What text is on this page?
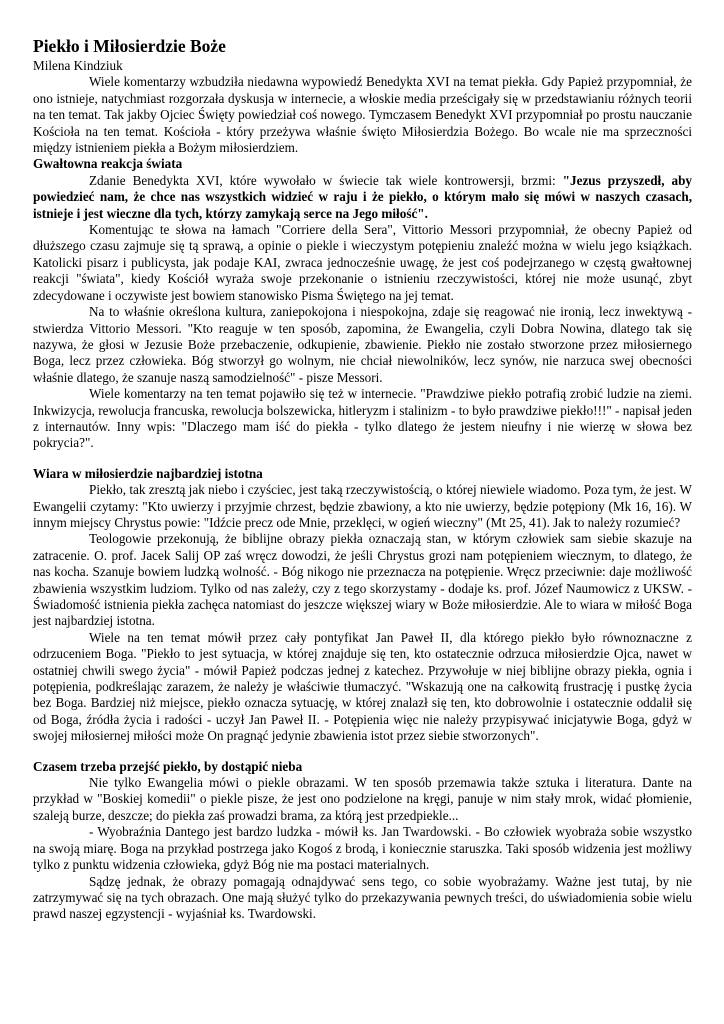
Piekło i Miłosierdzie Boże
Milena Kindziuk

Wiele komentarzy wzbudziła niedawna wypowiedź Benedykta XVI na temat piekła. Gdy Papież przypomniał, że ono istnieje, natychmiast rozgorzała dyskusja w internecie, a włoskie media prześcigały się w przedstawianiu różnych teorii na ten temat. Tak jakby Ojciec Święty powiedział coś nowego. Tymczasem Benedykt XVI przypomniał po prostu nauczanie Kościoła na ten temat. Kościoła - który przeżywa właśnie święto Miłosierdzia Bożego. Bo wcale nie ma sprzeczności między istnieniem piekła a Bożym miłosierdziem.

Gwałtowna reakcja świata

Zdanie Benedykta XVI, które wywołało w świecie tak wiele kontrowersji, brzmi: "Jezus przyszedł, aby powiedzieć nam, że chce nas wszystkich widzieć w raju i że piekło, o którym mało się mówi w naszych czasach, istnieje i jest wieczne dla tych, którzy zamykają serce na Jego miłość".

Komentując te słowa na łamach "Corriere della Sera", Vittorio Messori przypomniał, że obecny Papież od dłuższego czasu zajmuje się tą sprawą, a opinie o piekle i wieczystym potępieniu znaleźć można w wielu jego książkach. Katolicki pisarz i publicysta, jak podaje KAI, zwraca jednocześnie uwagę, że jest coś podejrzanego w częstą gwałtownej reakcji "świata", kiedy Kościół wyraża swoje przekonanie o istnieniu rzeczywistości, której nie może usunąć, zbyt zdecydowane i oczywiste jest bowiem stanowisko Pisma Świętego na jej temat.

Na to właśnie określona kultura, zaniepokojona i niespokojna, zdaje się reagować nie ironią, lecz inwektywą - stwierdza Vittorio Messori. "Kto reaguje w ten sposób, zapomina, że Ewangelia, czyli Dobra Nowina, dlatego tak się nazywa, że głosi w Jezusie Boże przebaczenie, odkupienie, zbawienie. Piekło nie zostało stworzone przez miłosiernego Boga, lecz przez człowieka. Bóg stworzył go wolnym, nie chciał niewolników, lecz synów, nie narzuca swej obecności właśnie dlatego, że szanuje naszą samodzielność" - pisze Messori.

Wiele komentarzy na ten temat pojawiło się też w internecie. "Prawdziwe piekło potrafią zrobić ludzie na ziemi. Inkwizycja, rewolucja francuska, rewolucja bolszewicka, hitleryzm i stalinizm - to było prawdziwe piekło!!!" - napisał jeden z internautów. Inny wpis: "Dlaczego mam iść do piekła - tylko dlatego że jestem nieufny i nie wierzę w słowa bez pokrycia?".

Wiara w miłosierdzie najbardziej istotna

Piekło, tak zresztą jak niebo i czyściec, jest taką rzeczywistością, o której niewiele wiadomo. Poza tym, że jest. W Ewangelii czytamy: "Kto uwierzy i przyjmie chrzest, będzie zbawiony, a kto nie uwierzy, będzie potępiony (Mk 16, 16). W innym miejscy Chrystus powie: "Idźcie precz ode Mnie, przeklęci, w ogień wieczny" (Mt 25, 41). Jak to należy rozumieć?

Teologowie przekonują, że biblijne obrazy piekła oznaczają stan, w którym człowiek sam siebie skazuje na zatracenie. O. prof. Jacek Salij OP zaś wręcz dowodzi, że jeśli Chrystus grozi nam potępieniem wiecznym, to dlatego, że nas kocha. Szanuje bowiem ludzką wolność. - Bóg nikogo nie przeznacza na potępienie. Wręcz przeciwnie: daje możliwość zbawienia wszystkim ludziom. Tylko od nas zależy, czy z tego skorzystamy - dodaje ks. prof. Józef Naumowicz z UKSW. - Świadomość istnienia piekła zachęca natomiast do jeszcze większej wiary w Boże miłosierdzie. Ale to wiara w miłość Boga jest najbardziej istotna.

Wiele na ten temat mówił przez cały pontyfikat Jan Paweł II, dla którego piekło było równoznaczne z odrzuceniem Boga. "Piekło to jest sytuacja, w której znajduje się ten, kto ostatecznie odrzuca miłosierdzie Ojca, nawet w ostatniej chwili swego życia" - mówił Papież podczas jednej z katechez. Przywołuje w niej biblijne obrazy piekła, ognia i potępienia, podkreślając zarazem, że należy je właściwie tłumaczyć. "Wskazują one na całkowitą frustrację i pustkę życia bez Boga. Bardziej niż miejsce, piekło oznacza sytuację, w której znalazł się ten, kto dobrowolnie i ostatecznie oddalił się od Boga, źródła życia i radości - uczył Jan Paweł II. - Potępienia więc nie należy przypisywać inicjatywie Boga, gdyż w swojej miłosiernej miłości może On pragnąć jedynie zbawienia istot przez siebie stworzonych".

Czasem trzeba przejść piekło, by dostąpić nieba

Nie tylko Ewangelia mówi o piekle obrazami. W ten sposób przemawia także sztuka i literatura. Dante na przykład w "Boskiej komedii" o piekle pisze, że jest ono podzielone na kręgi, panuje w nim stały mrok, widać płomienie, szaleją burze, deszcze; do piekła zaś prowadzi brama, za którą jest przedpiekle...

- Wyobraźnia Dantego jest bardzo ludzka - mówił ks. Jan Twardowski. - Bo człowiek wyobraża sobie wszystko na swoją miarę. Boga na przykład postrzega jako Kogoś z brodą, i koniecznie staruszka. Taki sposób widzenia jest możliwy tylko z punktu widzenia człowieka, gdyż Bóg nie ma postaci materialnych.

Sądzę jednak, że obrazy pomagają odnajdywać sens tego, co sobie wyobrażamy. Ważne jest tutaj, by nie zatrzymywać się na tych obrazach. One mają służyć tylko do przekazywania pewnych treści, do uświadomienia sobie wielu prawd naszej egzystencji - wyjaśniał ks. Twardowski.
